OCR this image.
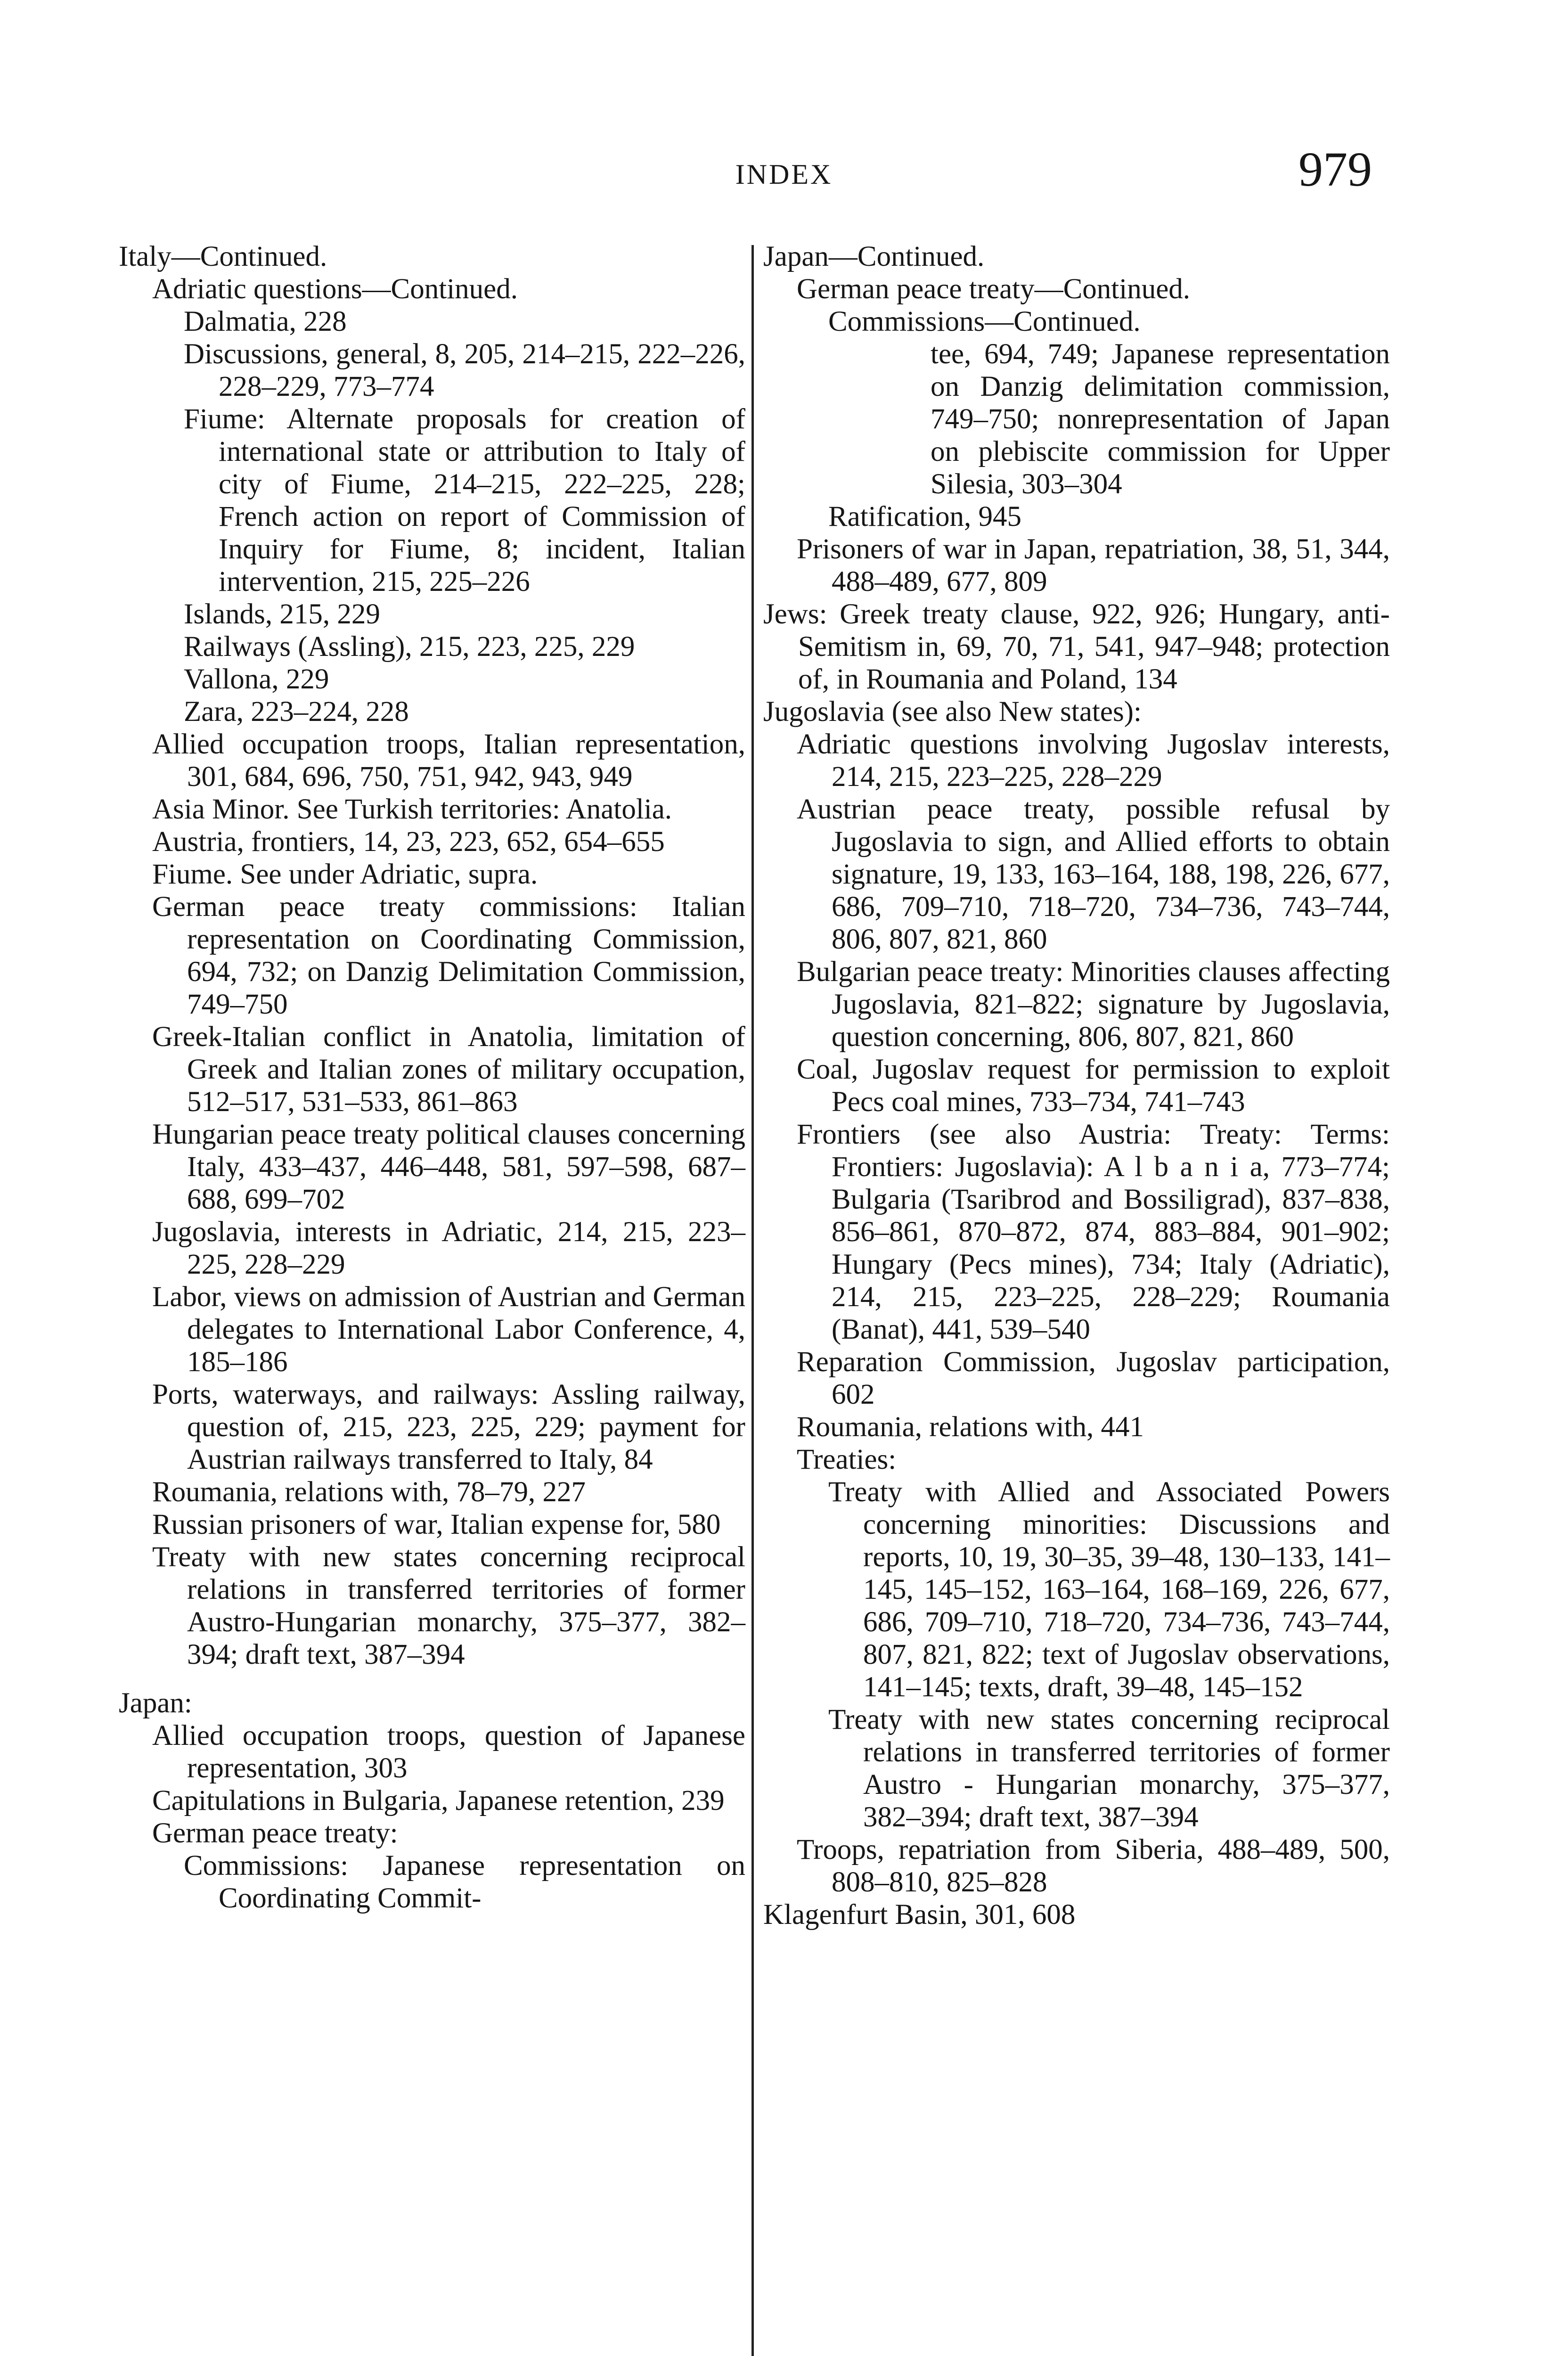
INDEX	979
Italy—Continued.
Adriatic questions—Continued.
Dalmatia, 228
Discussions, general, 8, 205, 214–215, 222–226, 228–229, 773–774
Fiume: Alternate proposals for creation of international state or attribution to Italy of city of Fiume, 214–215, 222–225, 228; French action on report of Commission of Inquiry for Fiume, 8; incident, Italian intervention, 215, 225–226
Islands, 215, 229
Railways (Assling), 215, 223, 225, 229
Vallona, 229
Zara, 223–224, 228
Allied occupation troops, Italian representation, 301, 684, 696, 750, 751, 942, 943, 949
Asia Minor. See Turkish territories: Anatolia.
Austria, frontiers, 14, 23, 223, 652, 654–655
Fiume. See under Adriatic, supra.
German peace treaty commissions: Italian representation on Coordinating Commission, 694, 732; on Danzig Delimitation Commission, 749–750
Greek-Italian conflict in Anatolia, limitation of Greek and Italian zones of military occupation, 512–517, 531–533, 861–863
Hungarian peace treaty political clauses concerning Italy, 433–437, 446–448, 581, 597–598, 687–688, 699–702
Jugoslavia, interests in Adriatic, 214, 215, 223–225, 228–229
Labor, views on admission of Austrian and German delegates to International Labor Conference, 4, 185–186
Ports, waterways, and railways: Assling railway, question of, 215, 223, 225, 229; payment for Austrian railways transferred to Italy, 84
Roumania, relations with, 78–79, 227
Russian prisoners of war, Italian expense for, 580
Treaty with new states concerning reciprocal relations in transferred territories of former Austro-Hungarian monarchy, 375–377, 382–394; draft text, 387–394
Japan:
Allied occupation troops, question of Japanese representation, 303
Capitulations in Bulgaria, Japanese retention, 239
German peace treaty:
Commissions: Japanese representation on Coordinating Commit-
Japan—Continued.
German peace treaty—Continued.
Commissions—Continued.
tee, 694, 749; Japanese representation on Danzig delimitation commission, 749–750; nonrepresentation of Japan on plebiscite commission for Upper Silesia, 303–304
Ratification, 945
Prisoners of war in Japan, repatriation, 38, 51, 344, 488–489, 677, 809
Jews: Greek treaty clause, 922, 926; Hungary, anti-Semitism in, 69, 70, 71, 541, 947–948; protection of, in Roumania and Poland, 134
Jugoslavia (see also New states):
Adriatic questions involving Jugoslav interests, 214, 215, 223–225, 228–229
Austrian peace treaty, possible refusal by Jugoslavia to sign, and Allied efforts to obtain signature, 19, 133, 163–164, 188, 198, 226, 677, 686, 709–710, 718–720, 734–736, 743–744, 806, 807, 821, 860
Bulgarian peace treaty: Minorities clauses affecting Jugoslavia, 821–822; signature by Jugoslavia, question concerning, 806, 807, 821, 860
Coal, Jugoslav request for permission to exploit Pecs coal mines, 733–734, 741–743
Frontiers (see also Austria: Treaty: Terms: Frontiers: Jugoslavia): A l b a n i a, 773–774; Bulgaria (Tsaribrod and Bossiligrad), 837–838, 856–861, 870–872, 874, 883–884, 901–902; Hungary (Pecs mines), 734; Italy (Adriatic), 214, 215, 223–225, 228–229; Roumania (Banat), 441, 539–540
Reparation Commission, Jugoslav participation, 602
Roumania, relations with, 441
Treaties:
Treaty with Allied and Associated Powers concerning minorities: Discussions and reports, 10, 19, 30–35, 39–48, 130–133, 141–145, 145–152, 163–164, 168–169, 226, 677, 686, 709–710, 718–720, 734–736, 743–744, 807, 821, 822; text of Jugoslav observations, 141–145; texts, draft, 39–48, 145–152
Treaty with new states concerning reciprocal relations in transferred territories of former Austro - Hungarian monarchy, 375–377, 382–394; draft text, 387–394
Troops, repatriation from Siberia, 488–489, 500, 808–810, 825–828
Klagenfurt Basin, 301, 608
